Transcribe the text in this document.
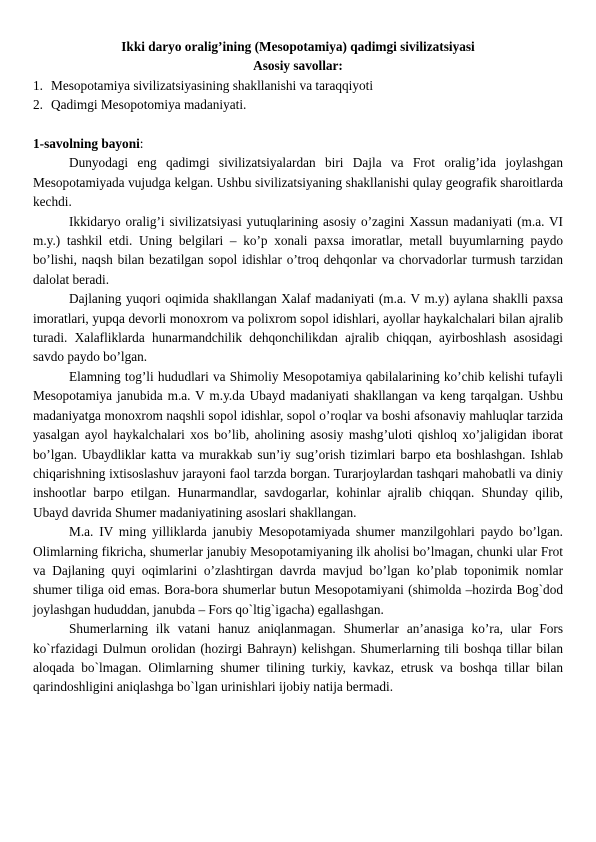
Ikki daryo oralig’ining (Mesopotamiya) qadimgi sivilizatsiyasi

Asosiy savollar:

1. Mesopotamiya sivilizatsiyasining shakllanishi va taraqqiyoti
2. Qadimgi Mesopotomiya madaniyati.

1-savolning bayoni:

Dunyodagi eng qadimgi sivilizatsiyalardan biri Dajla va Frot oralig’ida joylashgan Mesopotamiyada vujudga kelgan. Ushbu sivilizatsiyaning shakllanishi qulay geografik sharoitlarda kechdi.

Ikkidaryo oralig’i sivilizatsiyasi yutuqlarining asosiy o’zagini Xassun madaniyati (m.a. VI m.y.) tashkil etdi. Uning belgilari – ko’p xonali paxsa imoratlar, metall buyumlarning paydo bo’lishi, naqsh bilan bezatilgan sopol idishlar o’troq dehqonlar va chorvadorlar turmush tarzidan dalolat beradi.

Dajlaning yuqori oqimida shakllangan Xalaf madaniyati (m.a. V m.y) aylana shaklli paxsa imoratlari, yupqa devorli monoxrom va polixrom sopol idishlari, ayollar haykalchalari bilan ajralib turadi. Xalafliklarda hunarmandchilik dehqonchilikdan ajralib chiqqan, ayirboshlash asosidagi savdo paydo bo’lgan.

Elamning tog’li hududlari va Shimoliy Mesopotamiya qabilalarining ko’chib kelishi tufayli Mesopotamiya janubida m.a. V m.y.da Ubayd madaniyati shakllangan va keng tarqalgan. Ushbu madaniyatga monoxrom naqshli sopol idishlar, sopol o’roqlar va boshi afsonaviy mahluqlar tarzida yasalgan ayol haykalchalari xos bo’lib, aholining asosiy mashg’uloti qishloq xo’jaligidan iborat bo’lgan. Ubaydliklar katta va murakkab sun’iy sug’orish tizimlari barpo eta boshlashgan. Ishlab chiqarishning ixtisoslashuv jarayoni faol tarzda borgan. Turarjoylardan tashqari mahobatli va diniy inshootlar barpo etilgan. Hunarmandlar, savdogarlar, kohinlar ajralib chiqqan. Shunday qilib, Ubayd davrida Shumer madaniyatining asoslari shakllangan.

M.a. IV ming yilliklarda janubiy Mesopotamiyada shumer manzilgohlari paydo bo’lgan. Olimlarning fikricha, shumerlar janubiy Mesopotamiyaning ilk aholisi bo’lmagan, chunki ular Frot va Dajlaning quyi oqimlarini o’zlashtirgan davrda mavjud bo’lgan ko’plab toponimik nomlar shumer tiliga oid emas. Bora-bora shumerlar butun Mesopotamiyani (shimolda –hozirda Bog`dod joylashgan hududdan, janubda – Fors qo`ltig`igacha) egallashgan.

Shumerlarning ilk vatani hanuz aniqlanmagan. Shumerlar an’anasiga ko’ra, ular Fors ko`rfazidagi Dulmun orolidan (hozirgi Bahrayn) kelishgan. Shumerlarning tili boshqa tillar bilan aloqada bo`lmagan. Olimlarning shumer tilining turkiy, kavkaz, etrusk va boshqa tillar bilan qarindoshligini aniqlashga bo`lgan urinishlari ijobiy natija bermadi.
